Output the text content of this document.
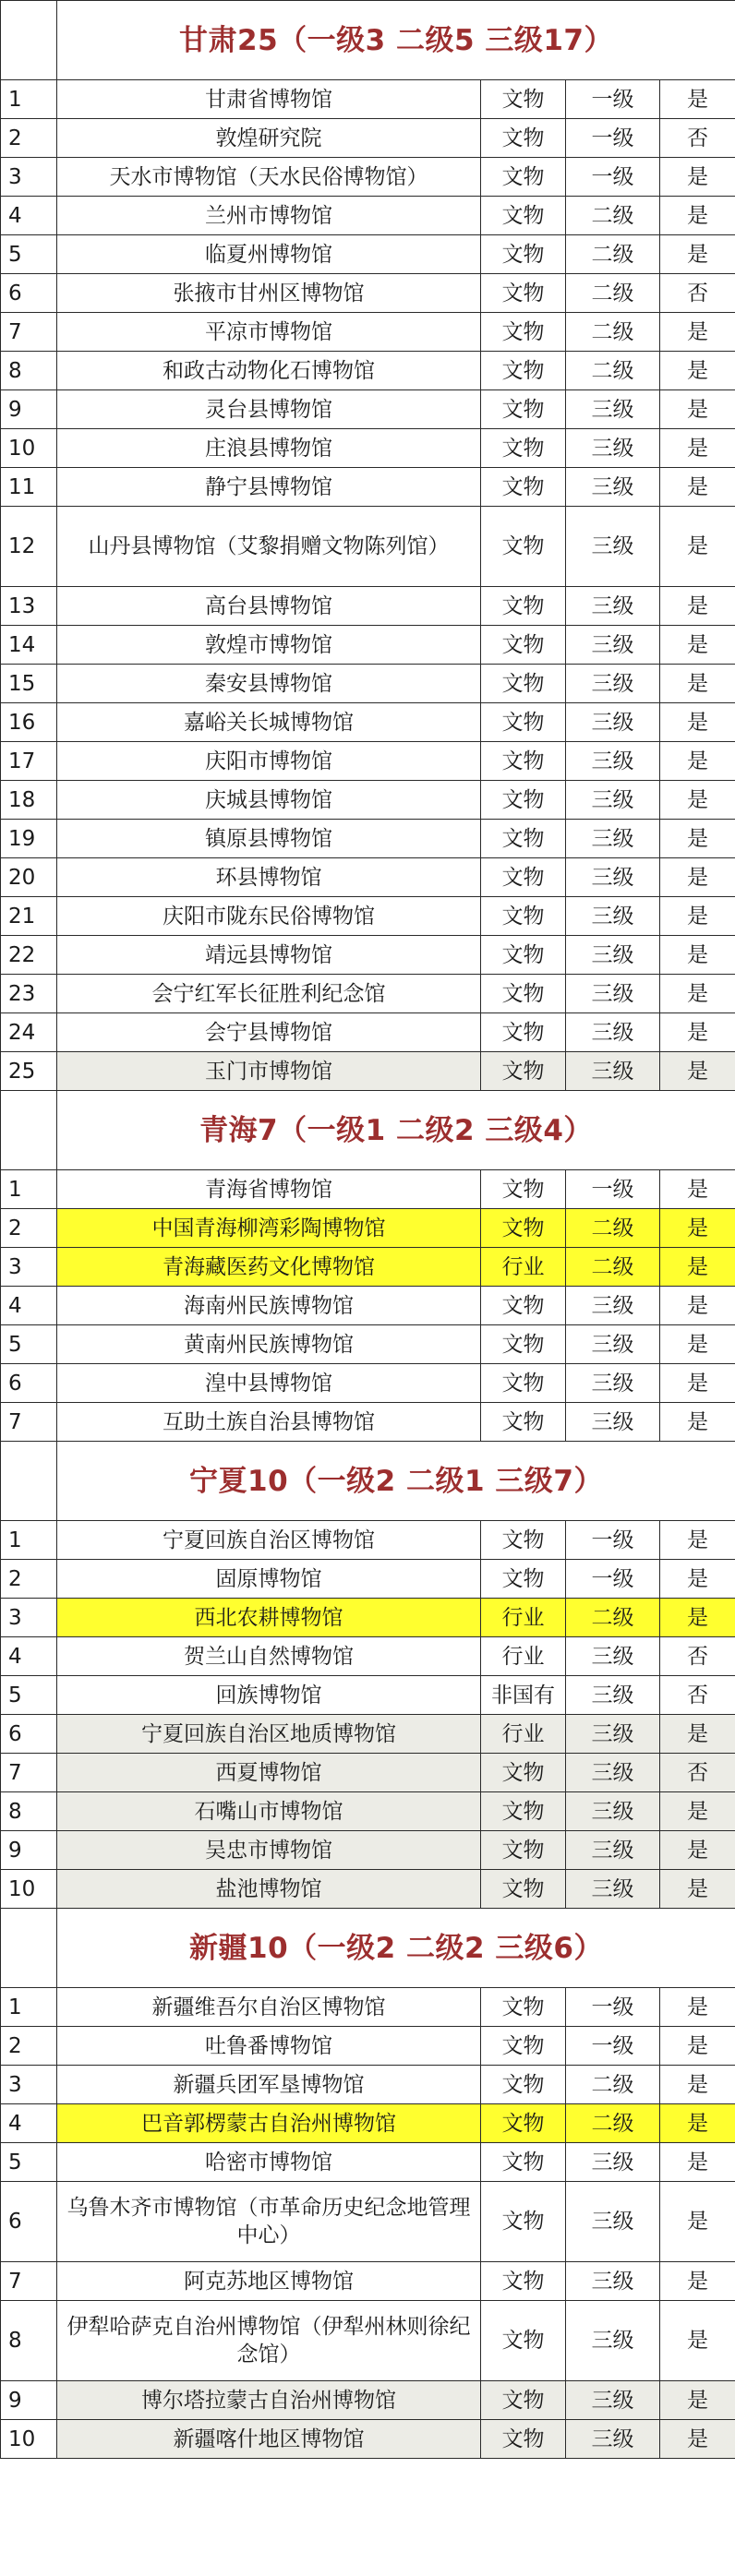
	甘肃25（一级3 二级5 三级17）			
1	甘肃省博物馆	文物	一级	是
2	敦煌研究院	文物	一级	否
3	天水市博物馆（天水民俗博物馆）	文物	一级	是
4	兰州市博物馆	文物	二级	是
5	临夏州博物馆	文物	二级	是
6	张掖市甘州区博物馆	文物	二级	否
7	平凉市博物馆	文物	二级	是
8	和政古动物化石博物馆	文物	二级	是
9	灵台县博物馆	文物	三级	是
10	庄浪县博物馆	文物	三级	是
11	静宁县博物馆	文物	三级	是
12	山丹县博物馆（艾黎捐赠文物陈列馆）	文物	三级	是
13	高台县博物馆	文物	三级	是
14	敦煌市博物馆	文物	三级	是
15	秦安县博物馆	文物	三级	是
16	嘉峪关长城博物馆	文物	三级	是
17	庆阳市博物馆	文物	三级	是
18	庆城县博物馆	文物	三级	是
19	镇原县博物馆	文物	三级	是
20	环县博物馆	文物	三级	是
21	庆阳市陇东民俗博物馆	文物	三级	是
22	靖远县博物馆	文物	三级	是
23	会宁红军长征胜利纪念馆	文物	三级	是
24	会宁县博物馆	文物	三级	是
25	玉门市博物馆	文物	三级	是
	青海7（一级1 二级2 三级4）			
1	青海省博物馆	文物	一级	是
2	中国青海柳湾彩陶博物馆	文物	二级	是
3	青海藏医药文化博物馆	行业	二级	是
4	海南州民族博物馆	文物	三级	是
5	黄南州民族博物馆	文物	三级	是
6	湟中县博物馆	文物	三级	是
7	互助土族自治县博物馆	文物	三级	是
	宁夏10（一级2 二级1 三级7）			
1	宁夏回族自治区博物馆	文物	一级	是
2	固原博物馆	文物	一级	是
3	西北农耕博物馆	行业	二级	是
4	贺兰山自然博物馆	行业	三级	否
5	回族博物馆	非国有	三级	否
6	宁夏回族自治区地质博物馆	行业	三级	是
7	西夏博物馆	文物	三级	否
8	石嘴山市博物馆	文物	三级	是
9	吴忠市博物馆	文物	三级	是
10	盐池博物馆	文物	三级	是
	新疆10（一级2 二级2 三级6）			
1	新疆维吾尔自治区博物馆	文物	一级	是
2	吐鲁番博物馆	文物	一级	是
3	新疆兵团军垦博物馆	文物	二级	是
4	巴音郭楞蒙古自治州博物馆	文物	二级	是
5	哈密市博物馆	文物	三级	是
6	乌鲁木齐市博物馆（市革命历史纪念地管理中心）	文物	三级	是
7	阿克苏地区博物馆	文物	三级	是
8	伊犁哈萨克自治州博物馆（伊犁州林则徐纪念馆）	文物	三级	是
9	博尔塔拉蒙古自治州博物馆	文物	三级	是
10	新疆喀什地区博物馆	文物	三级	是
